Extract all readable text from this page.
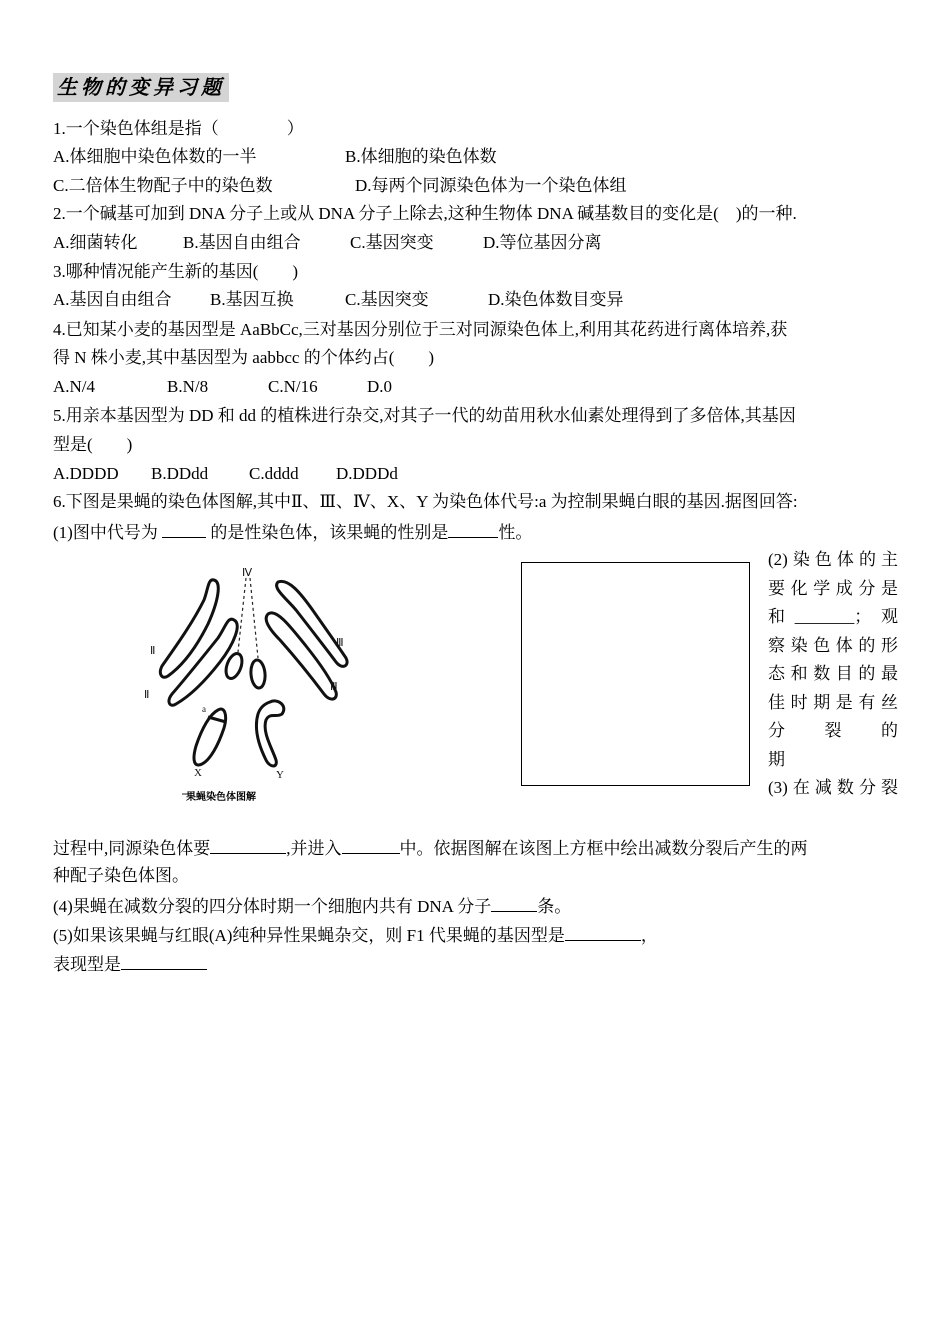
生物的变异习题
1.一个染色体组是指（　　　　）
A.体细胞中染色体数的一半	B.体细胞的染色体数
C.二倍体生物配子中的染色数	D.每两个同源染色体为一个染色体组
2.一个碱基可加到 DNA 分子上或从 DNA 分子上除去,这种生物体 DNA 碱基数目的变化是(　)的一种.
A.细菌转化	B.基因自由组合	C.基因突变	D.等位基因分离
3.哪种情况能产生新的基因(　　)
A.基因自由组合 B.基因互换	C.基因突变	D.染色体数目变异
4.已知某小麦的基因型是 AaBbCc,三对基因分别位于三对同源染色体上,利用其花药进行离体培养,获
得 N 株小麦,其中基因型为 aabbcc 的个体约占(　　)
A.N/4	B.N/8	C.N/16	D.0
5.用亲本基因型为 DD 和 dd 的植株进行杂交,对其子一代的幼苗用秋水仙素处理得到了多倍体,其基因
型是(　　)
A.DDDD B.DDdd C.dddd D.DDDd
6.下图是果蝇的染色体图解,其中Ⅱ、Ⅲ、Ⅳ、X、Y 为染色体代号:a 为控制果蝇白眼的基因.据图回答:
(1)图中代号为	的是性染色体，该果蝇的性别是	性。
Ⅳ
Ⅱ
Ⅱ
Ⅲ
Ⅲ
a
X	Y
果蝇染色体图解
(2)染色体的主
要化学成分是
和_______；观
察染色体的形
态和数目的最
佳时期是有丝
分　裂　的
期
(3)在减数分裂
过程中,同源染色体要	,并进入	中。依据图解在该图上方框中绘出减数分裂后产生的两
种配子染色体图。
(4)果蝇在减数分裂的四分体时期一个细胞内共有 DNA 分子	条。
(5)如果该果蝇与红眼(A)纯种异性果蝇杂交，则 F1 代果蝇的基因型是	，
表现型是
